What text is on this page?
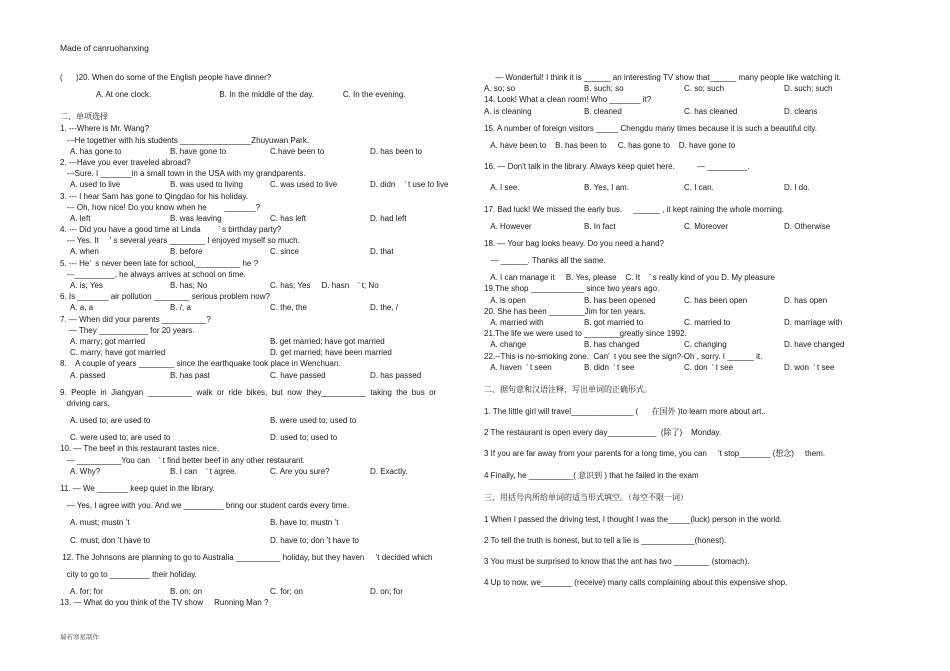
Made of canruohanxing
(      )20. When do some of the English people have dinner?
A. At one clock.	B. In the middle of the day.	C. In the evening.
二、单项选择
1. ---Where is Mr. Wang?
---He together with his students ________________Zhuyuwan Park.
A. has gone to	B. have gone to	C.have been to	D. has been to
2. ---Have you ever traveled abroad?
---Sure. I _______in a small town in the USA with my grandparents.
A. used to live	B. was used to living	C. was used to live	D. didn    ’ t use to live
3. --- I hear Sam has gone to Qingdao for his holiday.
--- Oh, how nice! Do you know when he        _______?
A. left	B. was leaving	C. has left	D. had left
4. --- Did you have a good time at Linda        ’ s birthday party?
--- Yes. It     ’ s several years ________ I enjoyed myself so much.
A. when	B. before	C. since	D. that
5. --- He’  s never been late for school,__________ he ?
---_________, he always arrives at school on time.
A. is; Yes	B. has; No	C. has; Yes     D. hasn    ’ t; No
6. Is _______ air pollution ________ serious problem now?
A. a, a	B. /, a	C. the, the	D. the, /
7. — When did your parents __________?
— They ___________ for 20 years.
A. marry; got married	B. get married; have got married
C. marry; have got married	D. get married; have been married
8.    A couple of years ________ since the earthquake took place in Wenchuan.
A. passed	B. has past	C. have passed	D. has passed
9.  People  in  Jiangyan  __________  walk  or  ride  bikes,  but  now  they__________  taking  the  bus  or
driving cars.
A. used to; are used to	B. were used to; used to
C. were used to; are used to	D. used to; used to
10. — The beef in this restaurant tastes nice.
— __________You can    ’ t find better beef in any other restaurant.
A. Why?	B. I can    ’ t agree.	C. Are you sure?	D. Exactly.
11. — We _______ keep quiet in the library.
— Yes, I agree with you. And we _________ bring our student cards every time.
A. must; mustn ’t	B. have to; mustn ’t
C. must; don ’t have to	D. have to; don ’t have to
12. The Johnsons are planning to go to Australia __________ holiday, but they haven     ’t decided which
city to go to _________ their holiday.
A. for; for	B. on; on	C. for; on	D. on; for
13. — What do you think of the TV show     Running Man ?
— Wonderful! I think it is ______ an interesting TV show that______ many people like watching it.
A. so; so	B. such; so	C. so; such	D. such; such
14. Look! What a clean room! Who _______ it?
A. is cleaning	B. cleaned	C. has cleaned	D. cleans
15. A number of foreign visitors _____ Chengdu many times because it is such a beautiful city.
A. have been to    B. has been to     C. has gone to    D. have gone to
16. — Don't talk in the library. Always keep quiet here.          — _________.
A. I see.	B. Yes, I am.	C. I can.	D. I do.
17. Bad luck! We missed the early bus.     ______ , it kept raining the whole morning.
A. However	B. In fact	C. Moreover	D. Otherwise
18. — Your bag looks heavy. Do you need a hand?
— ______. Thanks all the same.
A. I can manage it     B. Yes, please    C. It    ’ s really kind of you D. My pleasure
19.The shop ____________ since two years ago.
A. is open	B. has been opened	C. has been open	D. has open
20. She has been ________Jim for ten years.
A. married with	B. got married to	C. married to	D. marriage with
21.The life we were used to ________greatly since 1992.
A. change	B. has changed	C. changing	D. have changed
22.--This is no-smoking zone.  Can’  t you see the sign?-Oh , sorry. I ______ it.
A. haven  ’ t seen	B. didn  ’ t see	C. don  ’ t see	D. won  ’ t see
二、据句意和汉语注释，写出单词的正确形式。
1. The little girl will travel______________ (      在国外 )to learn more about art..
2 The restaurant is open every day___________  (除了)    Monday.
3 If you are far away from your parents for a long time, you can     ’t stop_______ (想念)     them.
4 Finally, he __________( 意识到 ) that he failed in the exam
三、用括号内所给单词的适当形式填空。（每空不限一词）
1 When I passed the driving test, I thought I was the_____(luck) person in the world.
2 To tell the truth is honest, but to tell a lie is ____________(honest).
3 You must be surprised to know that the ant has two ________ (stomach).
4 Up to now, we_______ (receive) many calls complaining about this expensive shop.
瑞若寒星制作
